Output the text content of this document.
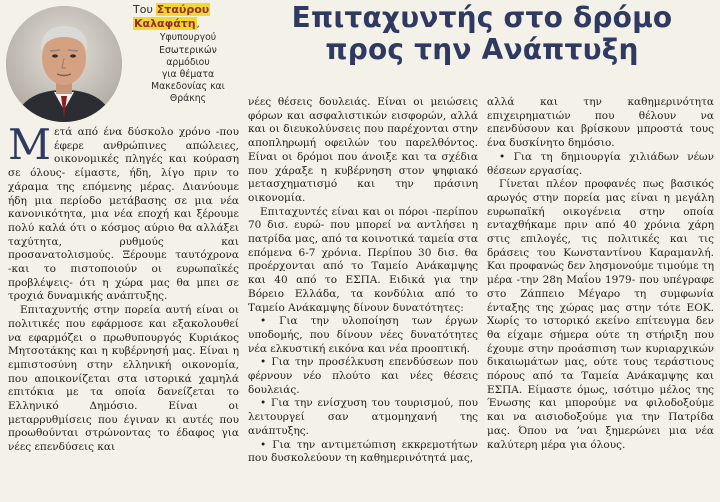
Του Σταύρου
Καλαφάτη,
Υφυπουργού
Εσωτερικών
αρμόδιου
για θέματα
Μακεδονίας και
Θράκης
Επιταχυντής στο δρόμο
προς την Ανάπτυξη

Μετά από ένα δύσκολο χρόνο -που έφερε ανθρώπινες απώλειες, οικονομικές πληγές και κούραση σε όλους- είμαστε, ήδη, λίγο πριν το χάραμα της επόμενης μέρας. Διανύουμε ήδη μια περίοδο μετάβασης σε μια νέα κανονικότητα, μια νέα εποχή και ξέρουμε πολύ καλά ότι ο κόσμος αύριο θα αλλάξει ταχύτητα, ρυθμούς και προσανατολισμούς. Ξέρουμε ταυτόχρονα -και το πιστοποιούν οι ευρωπαϊκές προβλέψεις- ότι η χώρα μας θα μπει σε τροχιά δυναμικής ανάπτυξης.

Επιταχυντής στην πορεία αυτή είναι οι πολιτικές που εφάρμοσε και εξακολουθεί να εφαρμόζει ο πρωθυπουργός Κυριάκος Μητσοτάκης και η κυβέρνησή μας. Είναι η εμπιστοσύνη στην ελληνική οικονομία, που αποικονίζεται στα ιστορικά χαμηλά επιτόκια με τα οποία δανείζεται το Ελληνικό Δημόσιο. Είναι οι μεταρρυθμίσεις που έγιναν κι αυτές που προωθούνται στρώνοντας το έδαφος για νέες επενδύσεις και

νέες θέσεις δουλειάς. Είναι οι μειώσεις φόρων και ασφαλιστικών εισφορών, αλλά και οι διευκολύνσεις που παρέχονται στην αποπληρωμή οφειλών του παρελθόντος. Είναι οι δρόμοι που άνοιξε και τα σχέδια που χάραξε η κυβέρνηση στον ψηφιακό μετασχηματισμό και την πράσινη οικονομία.

Επιταχυντές είναι και οι πόροι -περίπου 70 δισ. ευρώ- που μπορεί να αντλήσει η πατρίδα μας, από τα κοινοτικά ταμεία στα επόμενα 6-7 χρόνια. Περίπου 30 δισ. θα προέρχονται από το Ταμείο Ανάκαμψης και 40 από το ΕΣΠΑ. Ειδικά για την Βόρειο Ελλάδα, τα κονδύλια από το Ταμείο Ανάκαμψης δίνουν δυνατότητες:

• Για την υλοποίηση των έργων υποδομής, που δίνουν νέες δυνατότητες νέα ελκυστική εικόνα και νέα προοπτική.

• Για την προσέλκυση επενδύσεων που φέρνουν νέο πλούτο και νέες θέσεις δουλειάς.

• Για την ενίσχυση του τουρισμού, που λειτουργεί σαν ατμομηχανή της ανάπτυξης.

• Για την αντιμετώπιση εκκρεμοτήτων που δυσκολεύουν τη καθημερινότητά μας,

αλλά και την καθημερινότητα επιχειρηματιών που θέλουν να επενδύσουν και βρίσκουν μπροστά τους ένα δυσκίνητο δημόσιο.

• Για τη δημιουργία χιλιάδων νέων θέσεων εργασίας.

Γίνεται πλέον προφανές πως βασικός αρωγός στην πορεία μας είναι η μεγάλη ευρωπαϊκή οικογένεια στην οποία ενταχθήκαμε πριν από 40 χρόνια χάρη στις επιλογές, τις πολιτικές και τις δράσεις του Κωνσταντίνου Καραμανλή. Και προφανώς δεν λησμονούμε τιμούμε τη μέρα -την 28η Μαΐου 1979- που υπέγραφε στο Ζάππειο Μέγαρο τη συμφωνία ένταξης της χώρας μας στην τότε ΕΟΚ. Χωρίς το ιστορικό εκείνο επίτευγμα δεν θα είχαμε σήμερα ούτε τη στήριξη που έχουμε στην προάσπιση των κυριαρχικών δικαιωμάτων μας, ούτε τους τεράστιους πόρους από τα Ταμεία Ανάκαμψης και ΕΣΠΑ. Είμαστε όμως, ισότιμο μέλος της Ένωσης και μπορούμε να φιλοδοξούμε και να αισιοδοξούμε για την Πατρίδα μας. Όπου να ’ναι ξημερώνει μια νέα καλύτερη μέρα για όλους.
